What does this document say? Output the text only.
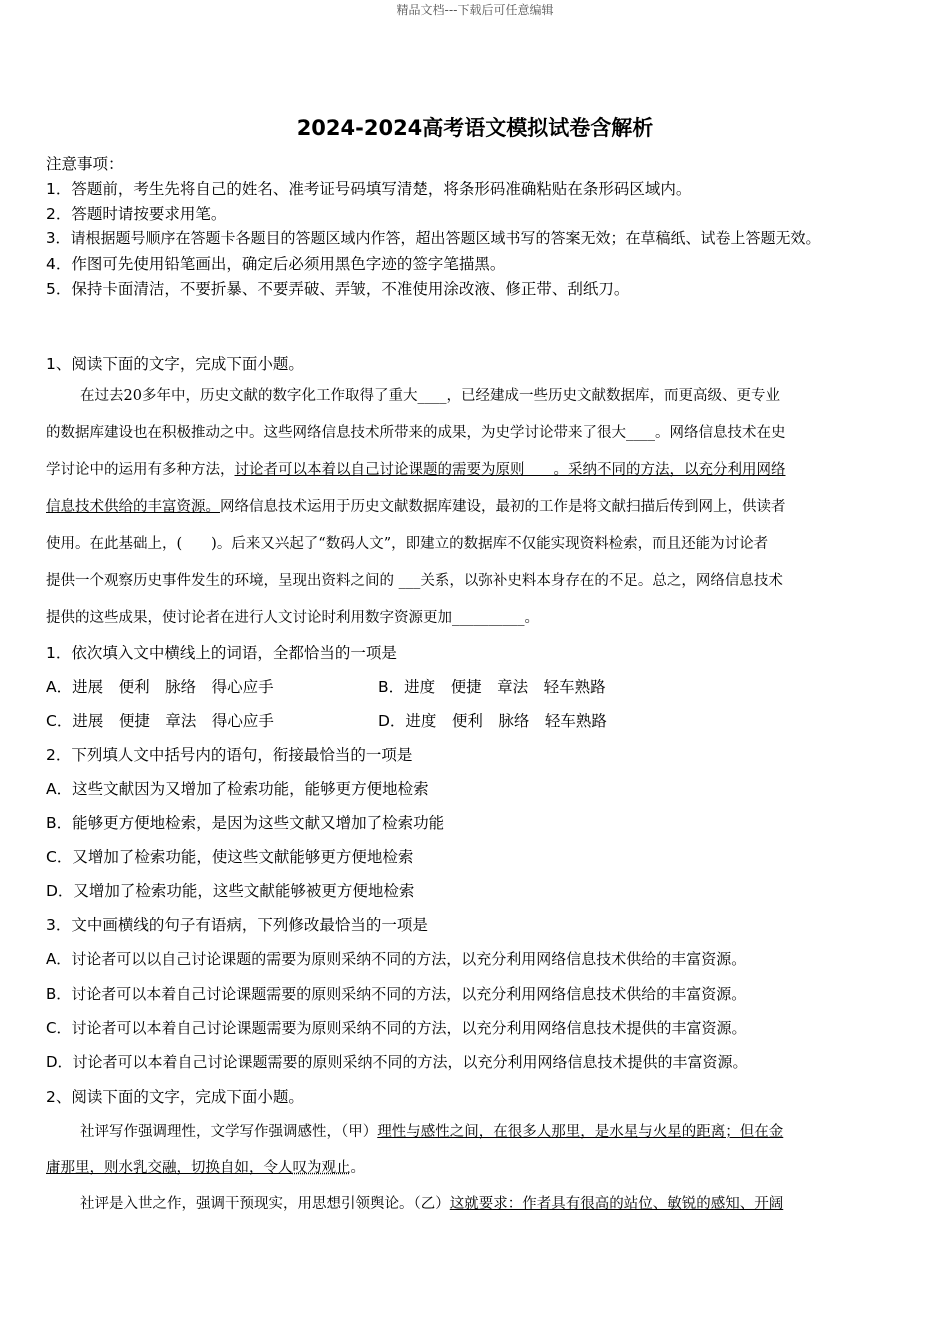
精品文档---下载后可任意编辑
2024-2024高考语文模拟试卷含解析
注意事项：
1．答题前，考生先将自己的姓名、准考证号码填写清楚，将条形码准确粘贴在条形码区域内。
2．答题时请按要求用笔。
3．请根据题号顺序在答题卡各题目的答题区域内作答，超出答题区域书写的答案无效；在草稿纸、试卷上答题无效。
4．作图可先使用铅笔画出，确定后必须用黑色字迹的签字笔描黑。
5．保持卡面清洁，不要折暴、不要弄破、弄皱，不准使用涂改液、修正带、刮纸刀。
1、阅读下面的文字，完成下面小题。
在过去20多年中，历史文献的数字化工作取得了重大____，已经建成一些历史文献数据库，而更高级、更专业
的数据库建设也在积极推动之中。这些网络信息技术所带来的成果，为史学讨论带来了很大____。网络信息技术在史
学讨论中的运用有多种方法，讨论者可以本着以自己讨论课题的需要为原则　　。采纳不同的方法，以充分利用网络
信息技术供给的丰富资源。网络信息技术运用于历史文献数据库建设，最初的工作是将文献扫描后传到网上，供读者
使用。在此基础上，(　　)。后来又兴起了“数码人文”，即建立的数据库不仅能实现资料检索，而且还能为讨论者
提供一个观察历史事件发生的环境，呈现出资料之间的 ___关系，以弥补史料本身存在的不足。总之，网络信息技术
提供的这些成果，使讨论者在进行人文讨论时利用数字资源更加__________。
1．依次填入文中横线上的词语，全都恰当的一项是
A．进展　便利　脉络　得心应手	B．进度　便捷　章法　轻车熟路
C．进展　便捷　章法　得心应手	D．进度　便利　脉络　轻车熟路
2．下列填人文中括号内的语句，衔接最恰当的一项是
A．这些文献因为又增加了检索功能，能够更方便地检索
B．能够更方便地检索，是因为这些文献又增加了检索功能
C．又增加了检索功能，使这些文献能够更方便地检索
D．又增加了检索功能，这些文献能够被更方便地检索
3．文中画横线的句子有语病，下列修改最恰当的一项是
A．讨论者可以以自己讨论课题的需要为原则采纳不同的方法，以充分利用网络信息技术供给的丰富资源。
B．讨论者可以本着自己讨论课题需要的原则采纳不同的方法，以充分利用网络信息技术供给的丰富资源。
C．讨论者可以本着自己讨论课题需要为原则采纳不同的方法，以充分利用网络信息技术提供的丰富资源。
D．讨论者可以本着自己讨论课题需要的原则采纳不同的方法，以充分利用网络信息技术提供的丰富资源。
2、阅读下面的文字，完成下面小题。
社评写作强调理性，文学写作强调感性，（甲）理性与感性之间，在很多人那里，是水星与火星的距离；但在金
庸那里，则水乳交融，切换自如，令人叹为观止。
社评是入世之作，强调干预现实，用思想引领舆论。（乙）这就要求：作者具有很高的站位、敏锐的感知、开阔
